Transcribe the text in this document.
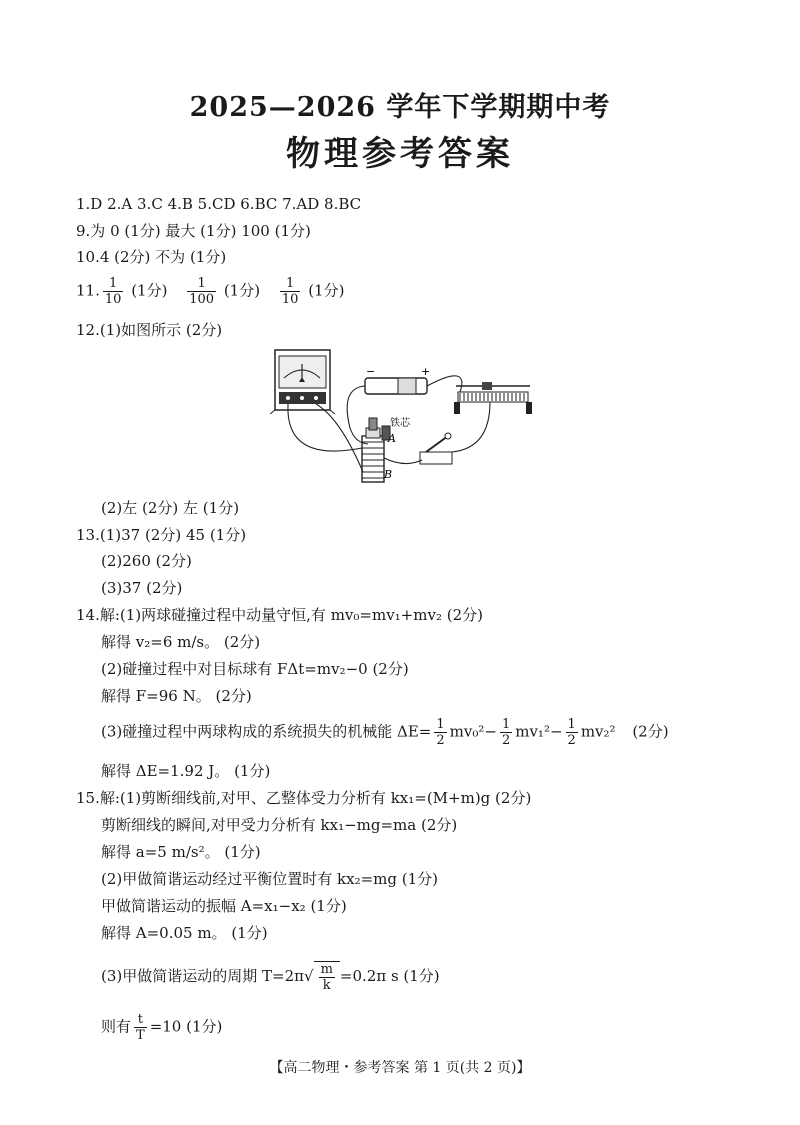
2025—2026 学年下学期期中考
物理参考答案
1.D 2.A 3.C 4.B 5.CD 6.BC 7.AD 8.BC
9.为 0 (1分) 最大 (1分) 100 (1分)
10.4 (2分) 不为 (1分)
11. $\frac{1}{10} (1$分) $\frac{1}{100} (1$分) $\frac{1}{10} (1$分)
12.(1)如图所示 (2分)
−	+
铁芯
A
B
(2)左 (2分) 左 (1分)
13.(1)37 (2分) 45 (1分)
(2)260 (2分)
(3)37 (2分)
14.解:(1)两球碰撞过程中动量守恒,有 mv₀=mv₁+mv₂ (2分)
解得 v₂=6 m/s。 (2分)
(2)碰撞过程中对目标球有 FΔt=mv₂−0 (2分)
解得 F=96 N。 (2分)
(3)碰撞过程中两球构成的系统损失的机械能 $\Delta E= \frac{1}{2} mv_0^2- \frac{1}{2} mv_1^2- \frac{1}{2} mv_2^2$ (2分)
解得 ΔE=1.92 J。 (1分)
15.解:(1)剪断细线前,对甲、乙整体受力分析有 kx₁=(M+m)g (2分)
剪断细线的瞬间,对甲受力分析有 kx₁−mg=ma (2分)
解得 a=5 m/s²。 (1分)
(2)甲做简谐运动经过平衡位置时有 kx₂=mg (1分)
甲做简谐运动的振幅 A=x₁−x₂ (1分)
解得 A=0.05 m。 (1分)
(3)甲做简谐运动的周期 $T=2\pi√ \frac{m}{k} =0.2\pi$ s (1分)
则有 $\frac{t}{T} =10$ (1分)
【高二物理・参考答案 第 1 页(共 2 页)】
